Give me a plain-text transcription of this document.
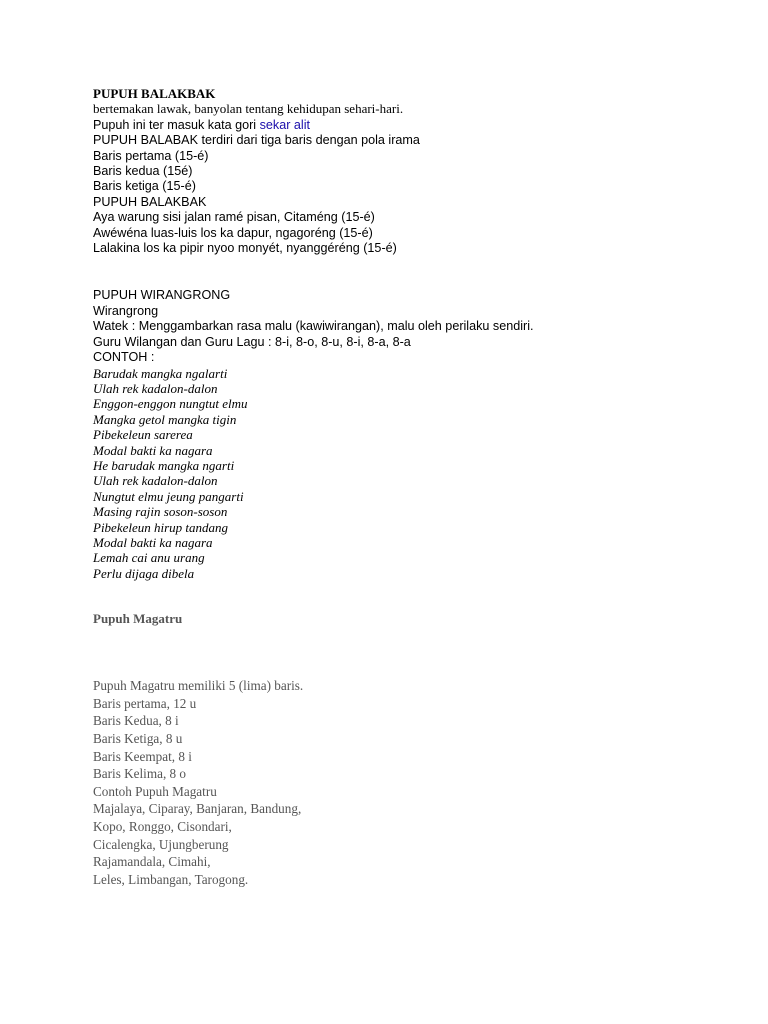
PUPUH BALAKBAK
bertemakan lawak, banyolan tentang kehidupan sehari-hari.
Pupuh ini ter masuk kata gori sekar alit
PUPUH BALABAK terdiri dari tiga baris dengan pola irama
Baris pertama (15-é)
Baris kedua (15é)
Baris ketiga (15-é)
PUPUH BALAKBAK
Aya warung sisi jalan ramé pisan, Citaméng (15-é)
Awéwéna luas-luis los ka dapur, ngagoréng (15-é)
Lalakina los ka pipir nyoo monyét, nyanggéréng (15-é)
PUPUH WIRANGRONG
Wirangrong
Watek : Menggambarkan rasa malu (kawiwirangan), malu oleh perilaku sendiri.
Guru Wilangan dan Guru Lagu : 8-i, 8-o, 8-u, 8-i, 8-a, 8-a
CONTOH :
Barudak mangka ngalarti
Ulah rek kadalon-dalon
Enggon-enggon nungtut elmu
Mangka getol mangka tigin
Pibekeleun sarerea
Modal bakti ka nagara
He barudak mangka ngarti
Ulah rek kadalon-dalon
Nungtut elmu jeung pangarti
Masing rajin soson-soson
Pibekeleun hirup tandang
Modal bakti ka nagara
Lemah cai anu urang
Perlu dijaga dibela
Pupuh Magatru
Pupuh Magatru memiliki 5 (lima) baris.
Baris pertama, 12 u
Baris Kedua, 8 i
Baris Ketiga, 8 u
Baris Keempat, 8 i
Baris Kelima, 8 o
Contoh Pupuh Magatru
Majalaya, Ciparay, Banjaran, Bandung,
Kopo, Ronggo, Cisondari,
Cicalengka, Ujungberung
Rajamandala, Cimahi,
Leles, Limbangan, Tarogong.
